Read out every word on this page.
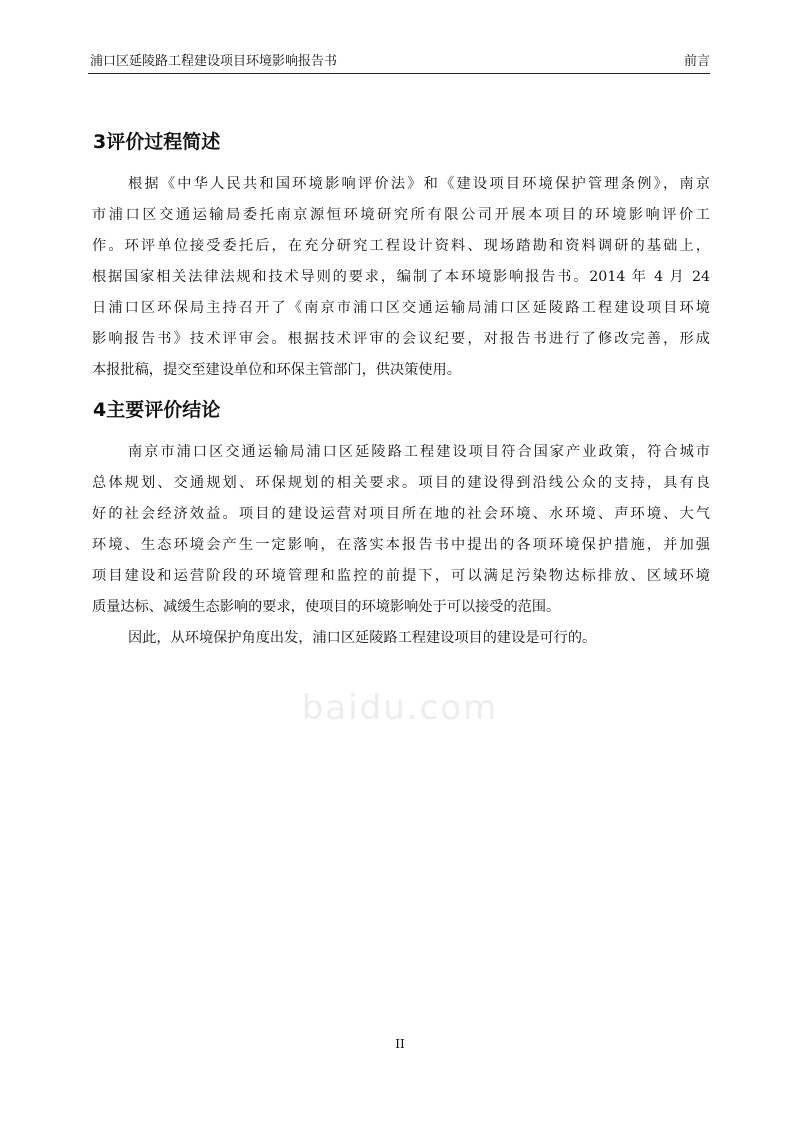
浦口区延陵路工程建设项目环境影响报告书	前言
3评价过程简述
根据《中华人民共和国环境影响评价法》和《建设项目环境保护管理条例》，南京
市浦口区交通运输局委托南京源恒环境研究所有限公司开展本项目的环境影响评价工
作。环评单位接受委托后，在充分研究工程设计资料、现场踏勘和资料调研的基础上，
根据国家相关法律法规和技术导则的要求，编制了本环境影响报告书。2014 年 4 月 24
日浦口区环保局主持召开了《南京市浦口区交通运输局浦口区延陵路工程建设项目环境
影响报告书》技术评审会。根据技术评审的会议纪要，对报告书进行了修改完善，形成
本报批稿，提交至建设单位和环保主管部门，供决策使用。
4主要评价结论
南京市浦口区交通运输局浦口区延陵路工程建设项目符合国家产业政策，符合城市
总体规划、交通规划、环保规划的相关要求。项目的建设得到沿线公众的支持，具有良
好的社会经济效益。项目的建设运营对项目所在地的社会环境、水环境、声环境、大气
环境、生态环境会产生一定影响，在落实本报告书中提出的各项环境保护措施，并加强
项目建设和运营阶段的环境管理和监控的前提下，可以满足污染物达标排放、区域环境
质量达标、减缓生态影响的要求，使项目的环境影响处于可以接受的范围。
因此，从环境保护角度出发，浦口区延陵路工程建设项目的建设是可行的。
baidu.com
II
